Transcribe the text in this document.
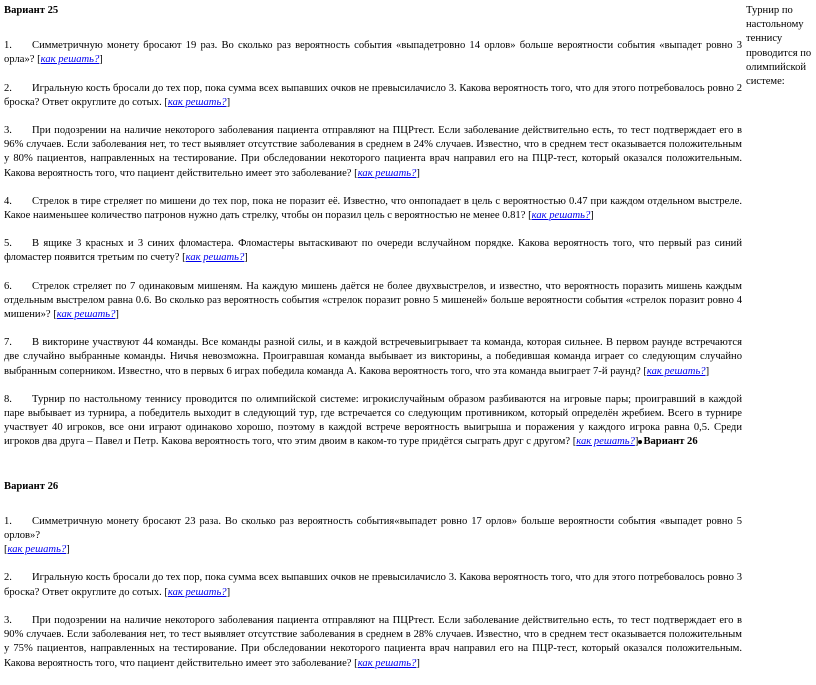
Вариант 25

1. Симметричную монету бросают 19 раз. Во сколько раз вероятность события «выпадетровно 14 орлов» больше вероятности события «выпадет ровно 3 орла»? [как решать?]

2. Игральную кость бросали до тех пор, пока сумма всех выпавших очков не превысилачисло 3. Какова вероятность того, что для этого потребовалось ровно 2 броска? Ответ округлите до сотых. [как решать?]

3. При подозрении на наличие некоторого заболевания пациента отправляют на ПЦРтест. Если заболевание действительно есть, то тест подтверждает его в 96% случаев. Если заболевания нет, то тест выявляет отсутствие заболевания в среднем в 24% случаев. Известно, что в среднем тест оказывается положительным у 80% пациентов, направленных на тестирование. При обследовании некоторого пациента врач направил его на ПЦР-тест, который оказался положительным. Какова вероятность того, что пациент действительно имеет это заболевание? [как решать?]

4. Стрелок в тире стреляет по мишени до тех пор, пока не поразит её. Известно, что онпопадает в цель с вероятностью 0.47 при каждом отдельном выстреле. Какое наименьшее количество патронов нужно дать стрелку, чтобы он поразил цель с вероятностью не менее 0.81? [как решать?]

5. В ящике 3 красных и 3 синих фломастера. Фломастеры вытаскивают по очереди вслучайном порядке. Какова вероятность того, что первый раз синий фломастер появится третьим по счету? [как решать?]

6. Стрелок стреляет по 7 одинаковым мишеням. На каждую мишень даётся не более двухвыстрелов, и известно, что вероятность поразить мишень каждым отдельным выстрелом равна 0.6. Во сколько раз вероятность события «стрелок поразит ровно 5 мишеней» больше вероятности события «стрелок поразит ровно 4 мишени»? [как решать?]

7. В викторине участвуют 44 команды. Все команды разной силы, и в каждой встречевыигрывает та команда, которая сильнее. В первом раунде встречаются две случайно выбранные команды. Ничья невозможна. Проигравшая команда выбывает из викторины, а победившая команда играет со следующим случайно выбранным соперником. Известно, что в первых 6 играх победила команда А. Какова вероятность того, что эта команда выиграет 7-й раунд? [как решать?]

8. Турнир по настольному теннису проводится по олимпийской системе: игрокислучайным образом разбиваются на игровые пары; проигравший в каждой паре выбывает из турнира, а победитель выходит в следующий тур, где встречается со следующим противником, который определён жребием. Всего в турнире участвует 40 игроков, все они играют одинаково хорошо, поэтому в каждой встрече вероятность выигрыша и поражения у каждого игрока равна 0,5. Среди игроков два друга – Павел и Петр. Какова вероятность того, что этим двоим в каком-то туре придётся сыграть друг с другом? [как решать?] Вариант 26

Вариант 26

1. Симметричную монету бросают 23 раза. Во сколько раз вероятность события«выпадет ровно 17 орлов» больше вероятности события «выпадет ровно 5 орлов»?
[как решать?]

2. Игральную кость бросали до тех пор, пока сумма всех выпавших очков не превысилачисло 3. Какова вероятность того, что для этого потребовалось ровно 3 броска? Ответ округлите до сотых. [как решать?]

3. При подозрении на наличие некоторого заболевания пациента отправляют на ПЦРтест. Если заболевание действительно есть, то тест подтверждает его в 90% случаев. Если заболевания нет, то тест выявляет отсутствие заболевания в среднем в 28% случаев. Известно, что в среднем тест оказывается положительным у 75% пациентов, направленных на тестирование. При обследовании некоторого пациента врач направил его на ПЦР-тест, который оказался положительным. Какова вероятность того, что пациент действительно имеет это заболевание? [как решать?]

Турнир по настольному теннису проводится по олимпийской системе:
